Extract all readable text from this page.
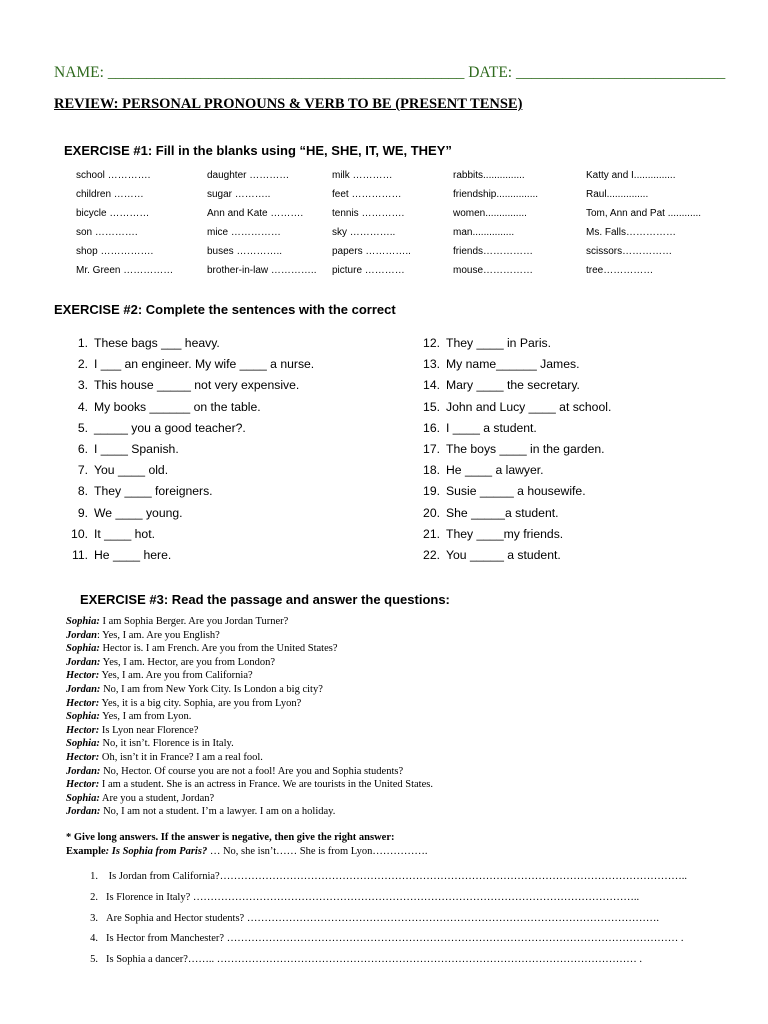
NAME: ______________________________________________ DATE: ___________________________
REVIEW: PERSONAL PRONOUNS & VERB TO BE (PRESENT TENSE)
EXERCISE #1: Fill in the blanks using “HE, SHE, IT, WE, THEY”
school ………….
children ………
bicycle …………
son ………….
shop …………….
Mr. Green ……………
daughter …………
sugar ………..
Ann and Kate ……….
mice ……………
buses …………..
brother-in-law …………..
milk …………
feet ……………
tennis ………….
sky …………..
papers …………..
picture …………
rabbits...............
friendship...............
women...............
man...............
friends……………
mouse……………
Katty and I...............
Raul...............
Tom, Ann and Pat ............
Ms. Falls……………
scissors……………
tree……………
EXERCISE #2: Complete the sentences with the correct
1. These bags ___ heavy.
2. I ___ an engineer. My wife ____ a nurse.
3. This house _____ not very expensive.
4. My books ______ on the table.
5. _____ you a good teacher?.
6. I ____ Spanish.
7. You ____ old.
8. They ____ foreigners.
9. We ____ young.
10. It ____ hot.
11. He ____ here.
12. They ____ in Paris.
13. My name______ James.
14. Mary ____ the secretary.
15. John and Lucy ____ at school.
16. I ____ a student.
17. The boys ____ in the garden.
18. He ____ a lawyer.
19. Susie _____ a housewife.
20. She _____a student.
21. They ____my friends.
22. You _____ a student.
EXERCISE #3: Read the passage and answer the questions:
Sophia: I am Sophia Berger. Are you Jordan Turner?
Jordan: Yes, I am. Are you English?
Sophia: Hector is. I am French. Are you from the United States?
Jordan: Yes, I am. Hector, are you from London?
Hector: Yes, I am. Are you from California?
Jordan: No, I am from New York City. Is London a big city?
Hector: Yes, it is a big city. Sophia, are you from Lyon?
Sophia: Yes, I am from Lyon.
Hector: Is Lyon near Florence?
Sophia: No, it isn’t. Florence is in Italy.
Hector: Oh, isn’t it in France? I am a real fool.
Jordan: No, Hector. Of course you are not a fool! Are you and Sophia students?
Hector: I am a student. She is an actress in France. We are tourists in the United States.
Sophia: Are you a student, Jordan?
Jordan: No, I am not a student. I’m a lawyer. I am on a holiday.
* Give long answers. If the answer is negative, then give the right answer:
Example: Is Sophia from Paris? … No, she isn’t…… She is from Lyon…………….
1. Is Jordan from California?……………………………………………………………………………………………………………………..
2. Is Florence in Italy? ………………………………………………………………………………………………………………..
3. Are Sophia and Hector students? ……………………………………………………………………………………………………….
4. Is Hector from Manchester? ………………………………………………………………………………………………………………… .
5. Is Sophia a dancer?…….. ………………………………………………………………………………………………………… .
